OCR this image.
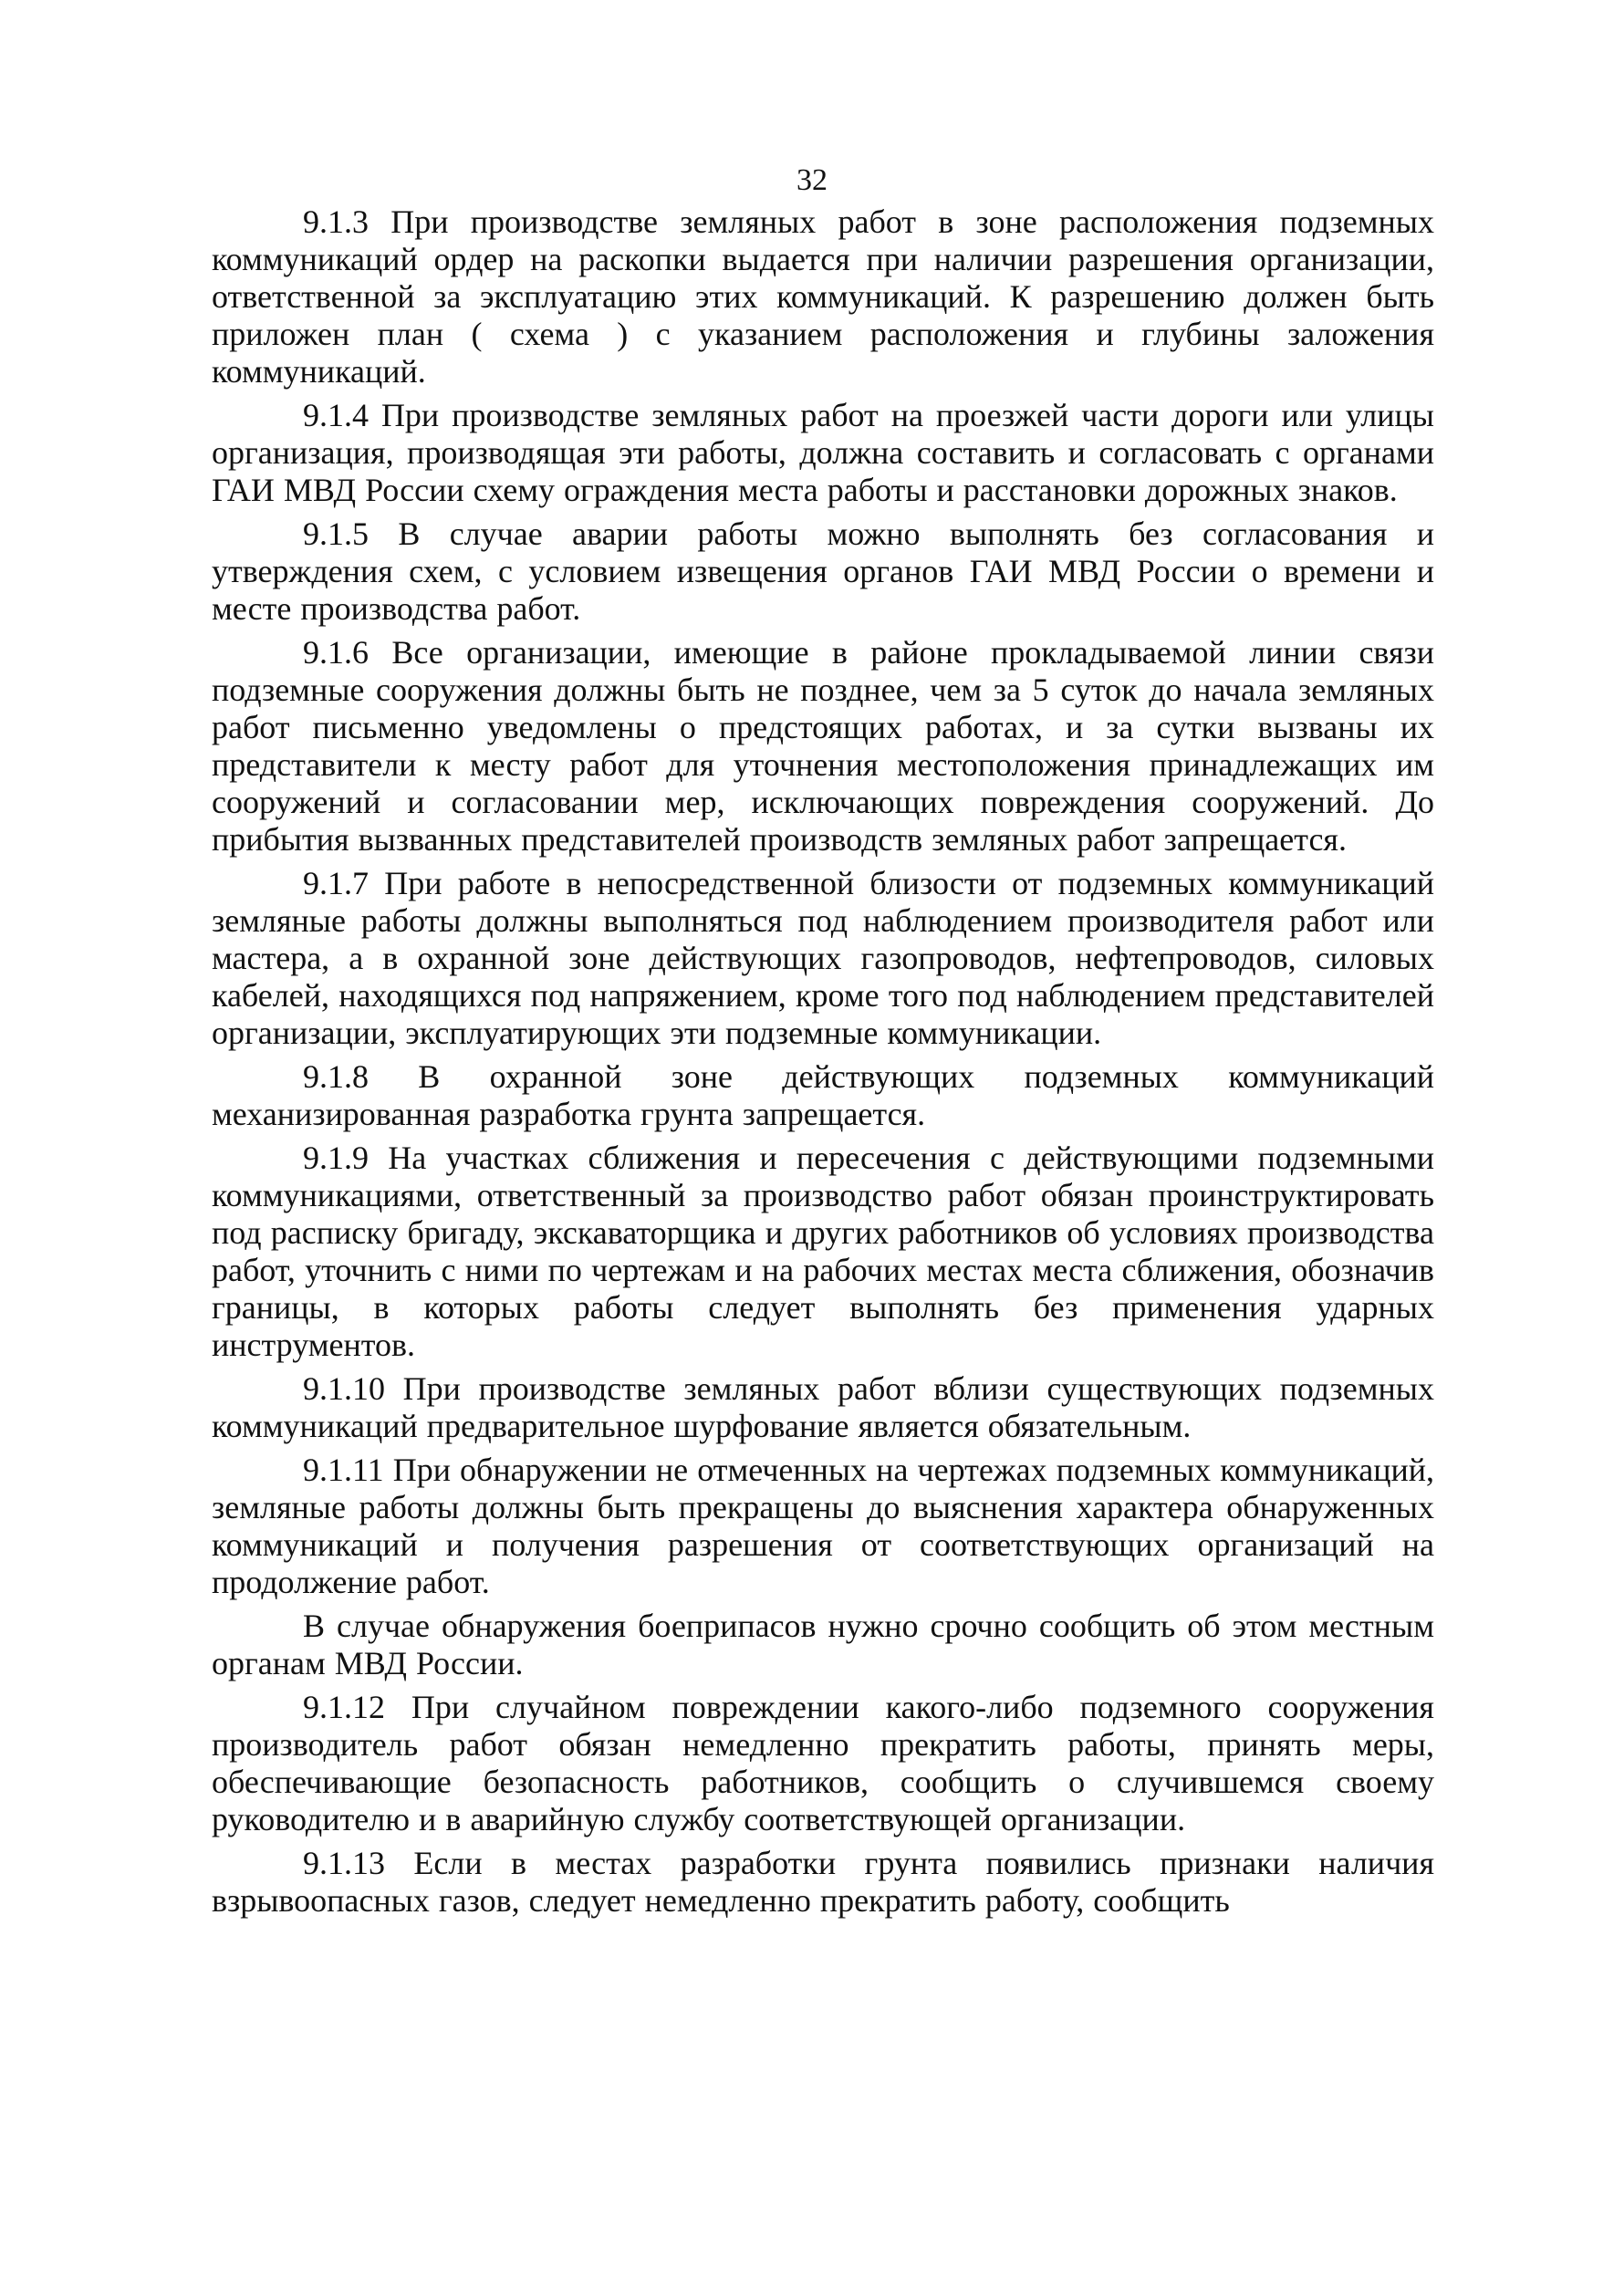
32

9.1.3 При производстве земляных работ в зоне расположения подземных коммуникаций ордер на раскопки выдается при наличии разрешения организации, ответственной за эксплуатацию этих коммуникаций. К разрешению должен быть приложен план ( схема ) с указанием расположения и глубины заложения коммуникаций.

9.1.4 При производстве земляных работ на проезжей части дороги или улицы организация, производящая эти работы, должна составить и согласовать с органами ГАИ МВД России схему ограждения места работы и расстановки дорожных знаков.

9.1.5 В случае аварии работы можно выполнять без согласования и утверждения схем, с условием извещения органов ГАИ МВД России о времени и месте производства работ.

9.1.6 Все организации, имеющие в районе прокладываемой линии связи подземные сооружения должны быть не позднее, чем за 5 суток до начала земляных работ письменно уведомлены о предстоящих работах, и за сутки вызваны их представители к месту работ для уточнения местоположения принадлежащих им сооружений и согласовании мер, исключающих повреждения сооружений. До прибытия вызванных представителей производств земляных работ запрещается.

9.1.7 При работе в непосредственной близости от подземных коммуникаций земляные работы должны выполняться под наблюдением производителя работ или мастера, а в охранной зоне действующих газопроводов, нефтепроводов, силовых кабелей, находящихся под напряжением, кроме того под наблюдением представителей организации, эксплуатирующих эти подземные коммуникации.

9.1.8 В охранной зоне действующих подземных коммуникаций механизированная разработка грунта запрещается.

9.1.9 На участках сближения и пересечения с действующими подземными коммуникациями, ответственный за производство работ обязан проинструктировать под расписку бригаду, экскаваторщика и других работников об условиях производства работ, уточнить с ними по чертежам и на рабочих местах места сближения, обозначив границы, в которых работы следует выполнять без применения ударных инструментов.

9.1.10 При производстве земляных работ вблизи существующих подземных коммуникаций предварительное шурфование является обязательным.

9.1.11 При обнаружении не отмеченных на чертежах подземных коммуникаций, земляные работы должны быть прекращены до выяснения характера обнаруженных коммуникаций и получения разрешения от соответствующих организаций на продолжение работ.

В случае обнаружения боеприпасов нужно срочно сообщить об этом местным органам МВД России.

9.1.12 При случайном повреждении какого-либо подземного сооружения производитель работ обязан немедленно прекратить работы, принять меры, обеспечивающие безопасность работников, сообщить о случившемся своему руководителю и в аварийную службу соответствующей организации.

9.1.13 Если в местах разработки грунта появились признаки наличия взрывоопасных газов, следует немедленно прекратить работу, сообщить
